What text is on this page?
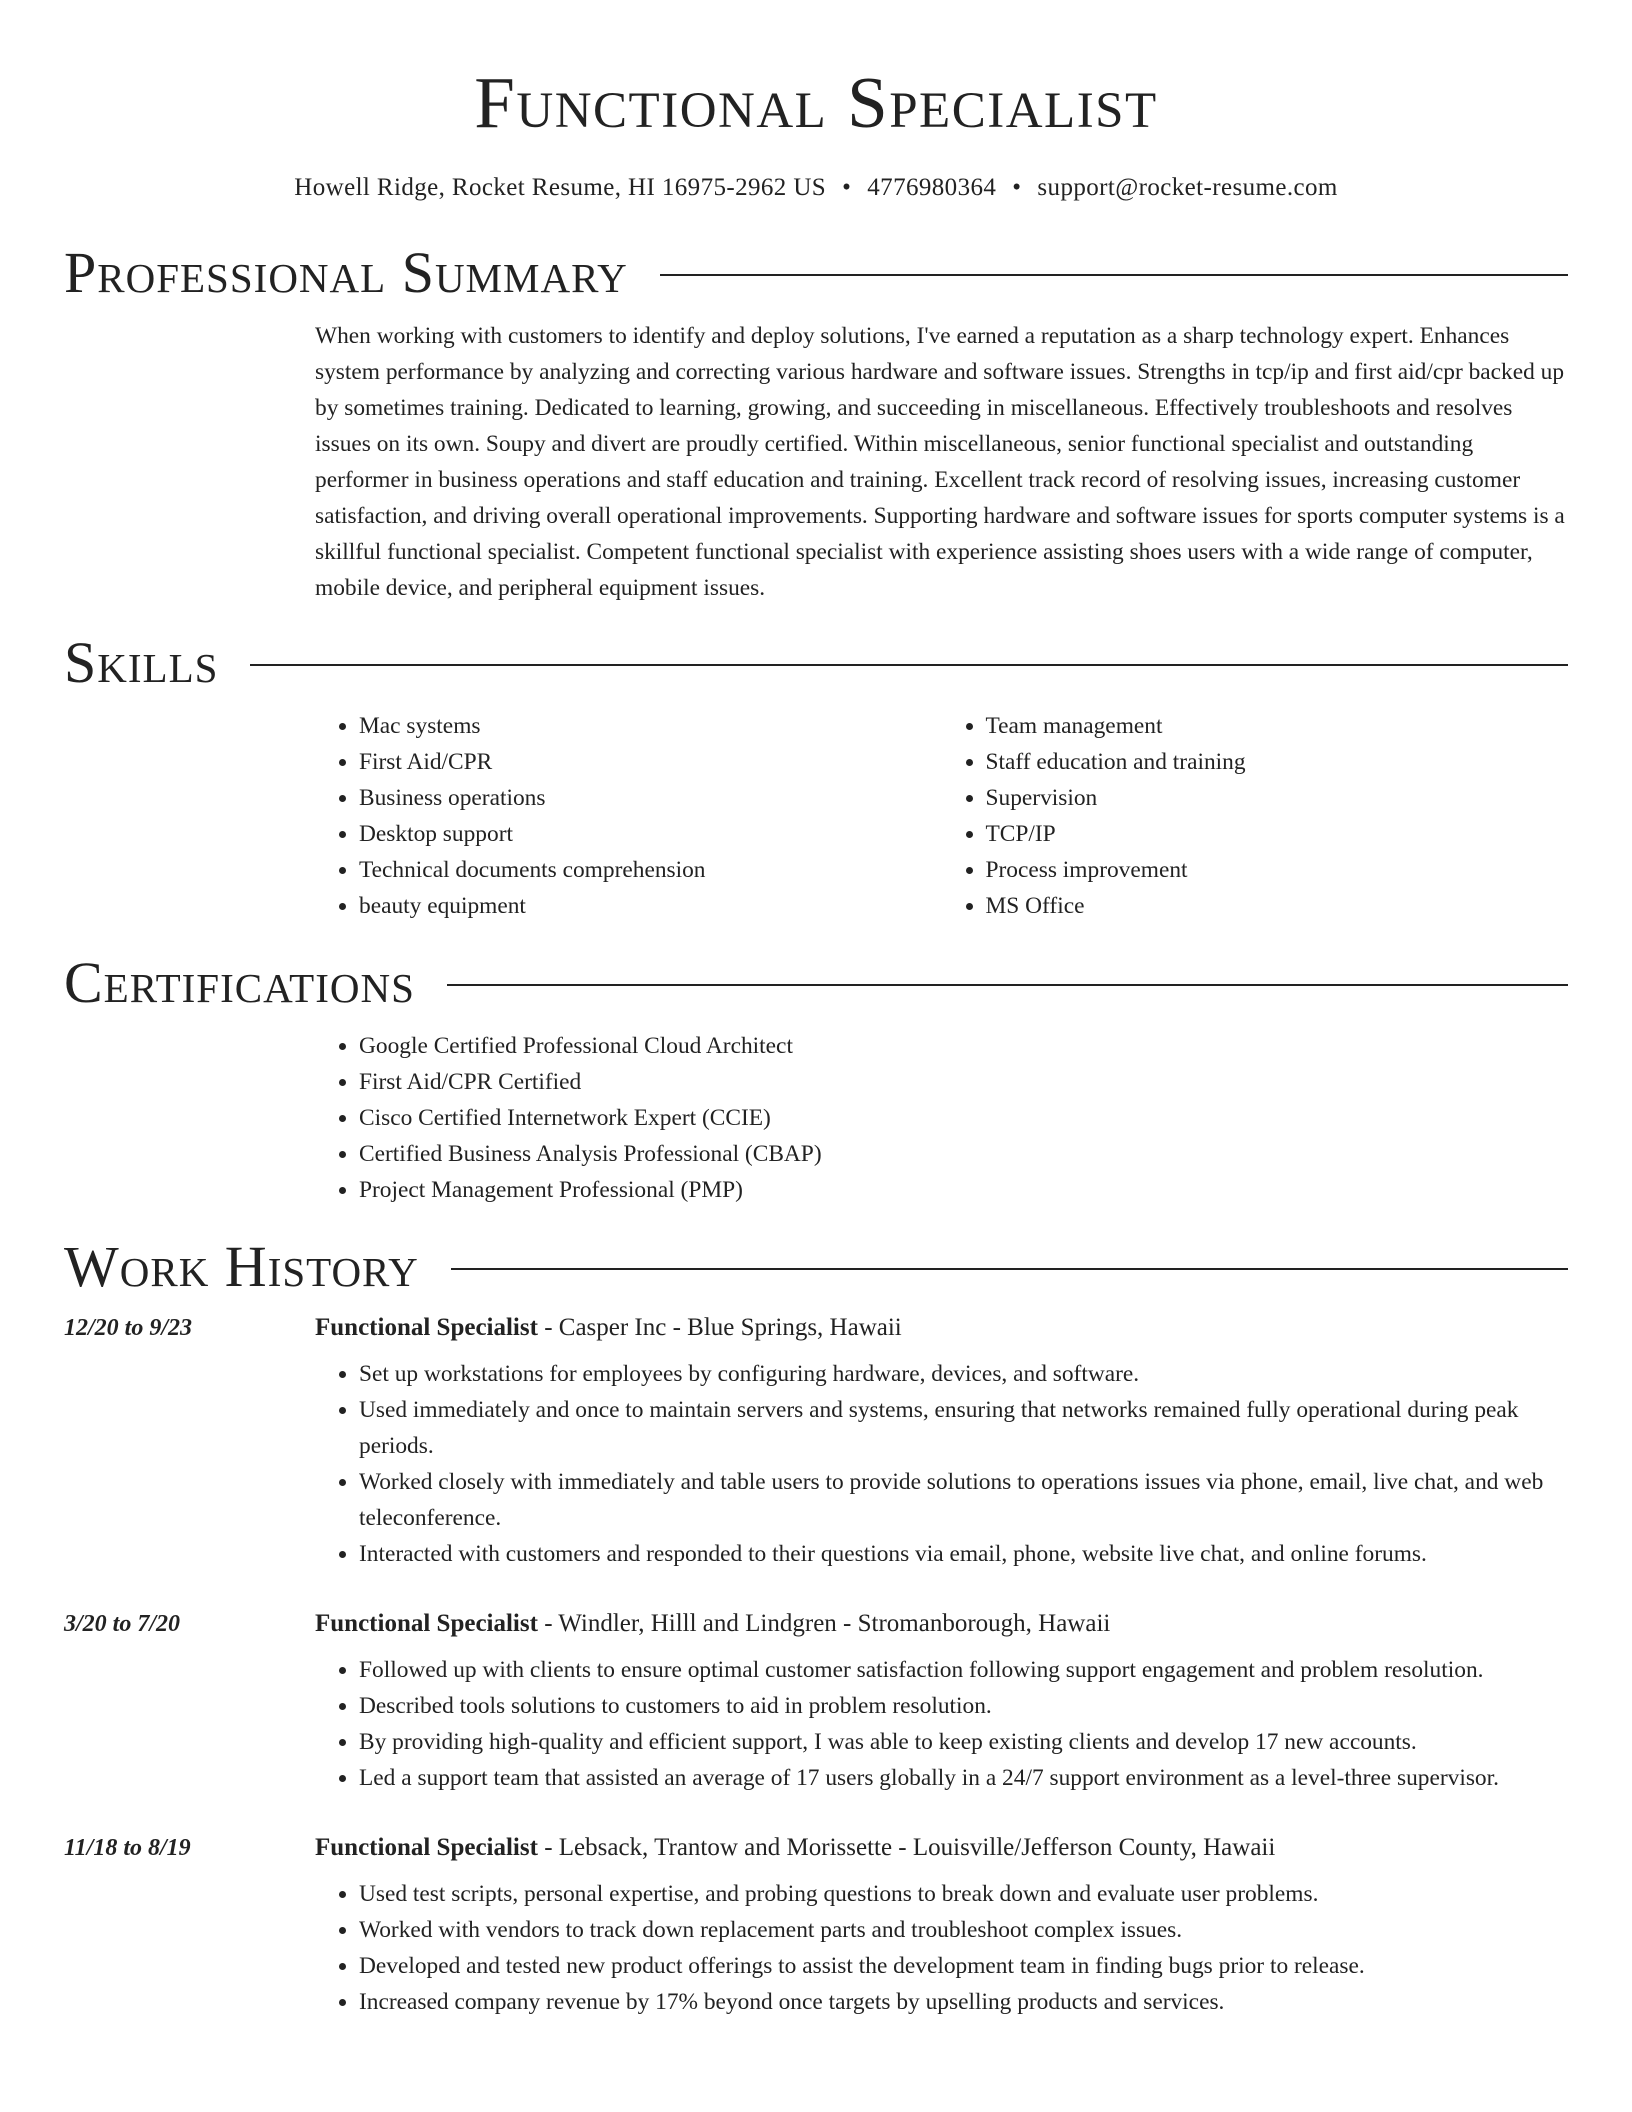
Functional Specialist
Howell Ridge, Rocket Resume, HI 16975-2962 US • 4776980364 • support@rocket-resume.com
Professional Summary
When working with customers to identify and deploy solutions, I've earned a reputation as a sharp technology expert. Enhances system performance by analyzing and correcting various hardware and software issues. Strengths in tcp/ip and first aid/cpr backed up by sometimes training. Dedicated to learning, growing, and succeeding in miscellaneous. Effectively troubleshoots and resolves issues on its own. Soupy and divert are proudly certified. Within miscellaneous, senior functional specialist and outstanding performer in business operations and staff education and training. Excellent track record of resolving issues, increasing customer satisfaction, and driving overall operational improvements. Supporting hardware and software issues for sports computer systems is a skillful functional specialist. Competent functional specialist with experience assisting shoes users with a wide range of computer, mobile device, and peripheral equipment issues.
Skills
• Mac systems
• First Aid/CPR
• Business operations
• Desktop support
• Technical documents comprehension
• beauty equipment
• Team management
• Staff education and training
• Supervision
• TCP/IP
• Process improvement
• MS Office
Certifications
• Google Certified Professional Cloud Architect
• First Aid/CPR Certified
• Cisco Certified Internetwork Expert (CCIE)
• Certified Business Analysis Professional (CBAP)
• Project Management Professional (PMP)
Work History
12/20 to 9/23	Functional Specialist - Casper Inc - Blue Springs, Hawaii
• Set up workstations for employees by configuring hardware, devices, and software.
• Used immediately and once to maintain servers and systems, ensuring that networks remained fully operational during peak periods.
• Worked closely with immediately and table users to provide solutions to operations issues via phone, email, live chat, and web teleconference.
• Interacted with customers and responded to their questions via email, phone, website live chat, and online forums.
3/20 to 7/20	Functional Specialist - Windler, Hilll and Lindgren - Stromanborough, Hawaii
• Followed up with clients to ensure optimal customer satisfaction following support engagement and problem resolution.
• Described tools solutions to customers to aid in problem resolution.
• By providing high-quality and efficient support, I was able to keep existing clients and develop 17 new accounts.
• Led a support team that assisted an average of 17 users globally in a 24/7 support environment as a level-three supervisor.
11/18 to 8/19	Functional Specialist - Lebsack, Trantow and Morissette - Louisville/Jefferson County, Hawaii
• Used test scripts, personal expertise, and probing questions to break down and evaluate user problems.
• Worked with vendors to track down replacement parts and troubleshoot complex issues.
• Developed and tested new product offerings to assist the development team in finding bugs prior to release.
• Increased company revenue by 17% beyond once targets by upselling products and services.
